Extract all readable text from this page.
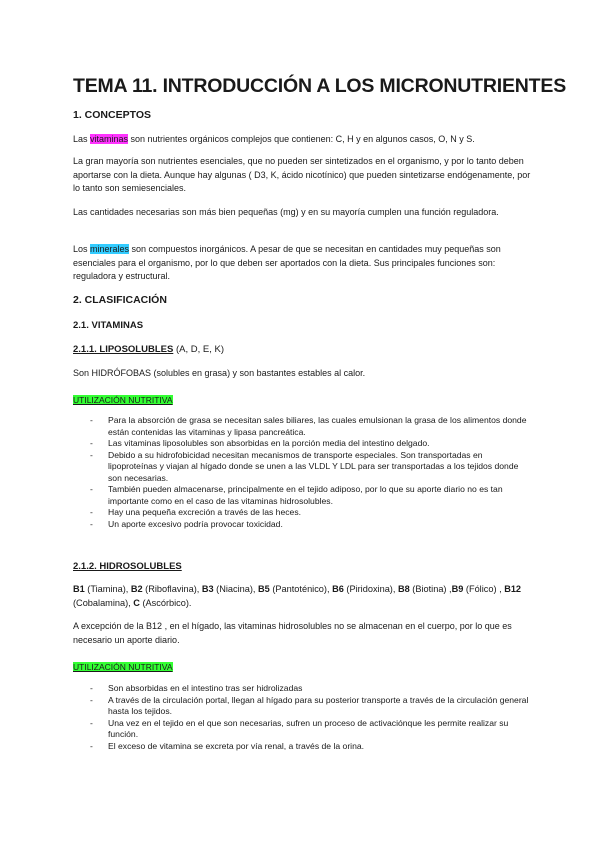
TEMA 11. INTRODUCCIÓN A LOS MICRONUTRIENTES
1. CONCEPTOS
Las vitaminas son nutrientes orgánicos complejos que contienen: C, H y en algunos casos, O, N y S.
La gran mayoría son nutrientes esenciales, que no pueden ser sintetizados en el organismo, y por lo tanto deben aportarse con la dieta. Aunque hay algunas ( D3, K, ácido nicotínico) que pueden sintetizarse endógenamente, por lo tanto son semiesenciales.
Las cantidades necesarias son más bien pequeñas (mg) y en su mayoría cumplen una función reguladora.
Los minerales son compuestos inorgánicos. A pesar de que se necesitan en cantidades muy pequeñas son esenciales para el organismo, por lo que deben ser aportados con la dieta. Sus principales funciones son: reguladora y estructural.
2. CLASIFICACIÓN
2.1. VITAMINAS
2.1.1. LIPOSOLUBLES (A, D, E, K)
Son HIDRÓFOBAS (solubles en grasa) y son bastantes estables al calor.
UTILIZACIÓN NUTRITIVA
- Para la absorción de grasa se necesitan sales biliares, las cuales emulsionan la grasa de los alimentos donde están contenidas las vitaminas y lipasa pancreática.
- Las vitaminas liposolubles son absorbidas en la porción media del intestino delgado.
- Debido a su hidrofobicidad necesitan mecanismos de transporte especiales. Son transportadas en lipoproteínas y viajan al hígado donde se unen a las VLDL Y LDL para ser transportadas a los tejidos donde son necesarias.
- También pueden almacenarse, principalmente en el tejido adiposo, por lo que su aporte diario no es tan importante como en el caso de las vitaminas hidrosolubles.
- Hay una pequeña excreción a través de las heces.
- Un aporte excesivo podría provocar toxicidad.
2.1.2. HIDROSOLUBLES
B1 (Tiamina), B2 (Riboflavina), B3 (Niacina), B5 (Pantoténico), B6 (Piridoxina), B8 (Biotina) ,B9 (Fólico) , B12 (Cobalamina), C (Ascórbico).
A excepción de la B12 , en el hígado, las vitaminas hidrosolubles no se almacenan en el cuerpo, por lo que es necesario un aporte diario.
UTILIZACIÓN NUTRITIVA
- Son absorbidas en el intestino tras ser hidrolizadas
- A través de la circulación portal, llegan al hígado para su posterior transporte a través de la circulación general hasta los tejidos.
- Una vez en el tejido en el que son necesarias, sufren un proceso de activaciónque les permite realizar su función.
- El exceso de vitamina se excreta por vía renal, a través de la orina.
